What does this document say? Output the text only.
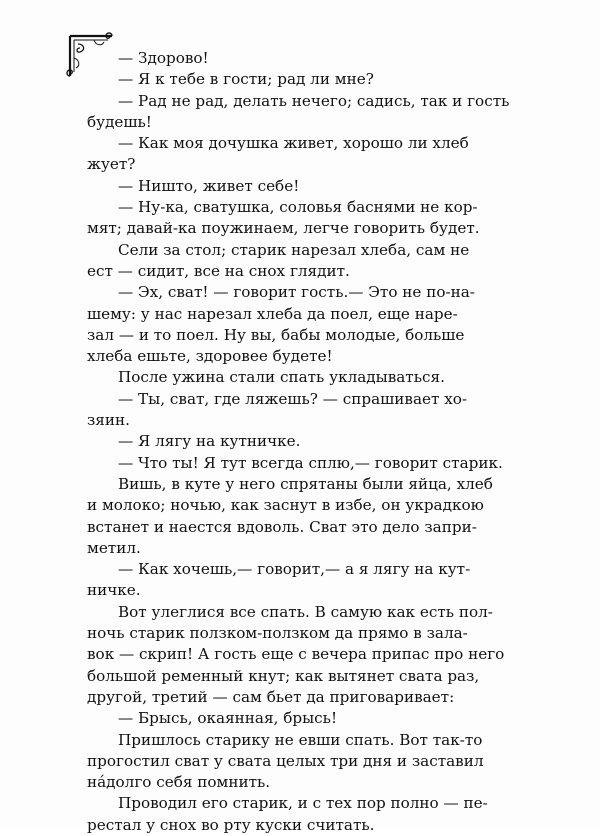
— Здорово!
— Я к тебе в гости; рад ли мне?
— Рад не рад, делать нечего; садись, так и гость
будешь!
— Как моя дочушка живет, хорошо ли хлеб
жует?
— Ништо, живет себе!
— Ну-ка, сватушка, соловья баснями не кор-
мят; давай-ка поужинаем, легче говорить будет.
Сели за стол; старик нарезал хлеба, сам не
ест — сидит, все на снох глядит.
— Эх, сват! — говорит гость.— Это не по-на-
шему: у нас нарезал хлеба да поел, еще наре-
зал — и то поел. Ну вы, бабы молодые, больше
хлеба ешьте, здоровее будете!
После ужина стали спать укладываться.
— Ты, сват, где ляжешь? — спрашивает хо-
зяин.
— Я лягу на кутничке.
— Что ты! Я тут всегда сплю,— говорит старик.
Вишь, в куте у него спрятаны были яйца, хлеб
и молоко; ночью, как заснут в избе, он украдкою
встанет и наестся вдоволь. Сват это дело запри-
метил.
— Как хочешь,— говорит,— а я лягу на кут-
ничке.
Вот улеглися все спать. В самую как есть пол-
ночь старик ползком-ползком да прямо в зала-
вок — скрип! А гость еще с вечера припас про него
большой ременный кнут; как вытянет свата раз,
другой, третий — сам бьет да приговаривает:
— Брысь, окаянная, брысь!
Пришлось старику не евши спать. Вот так-то
прогостил сват у свата целых три дня и заставил
нáдолго себя помнить.
Проводил его старик, и с тех пор полно — пе-
рестал у снох во рту куски считать.
